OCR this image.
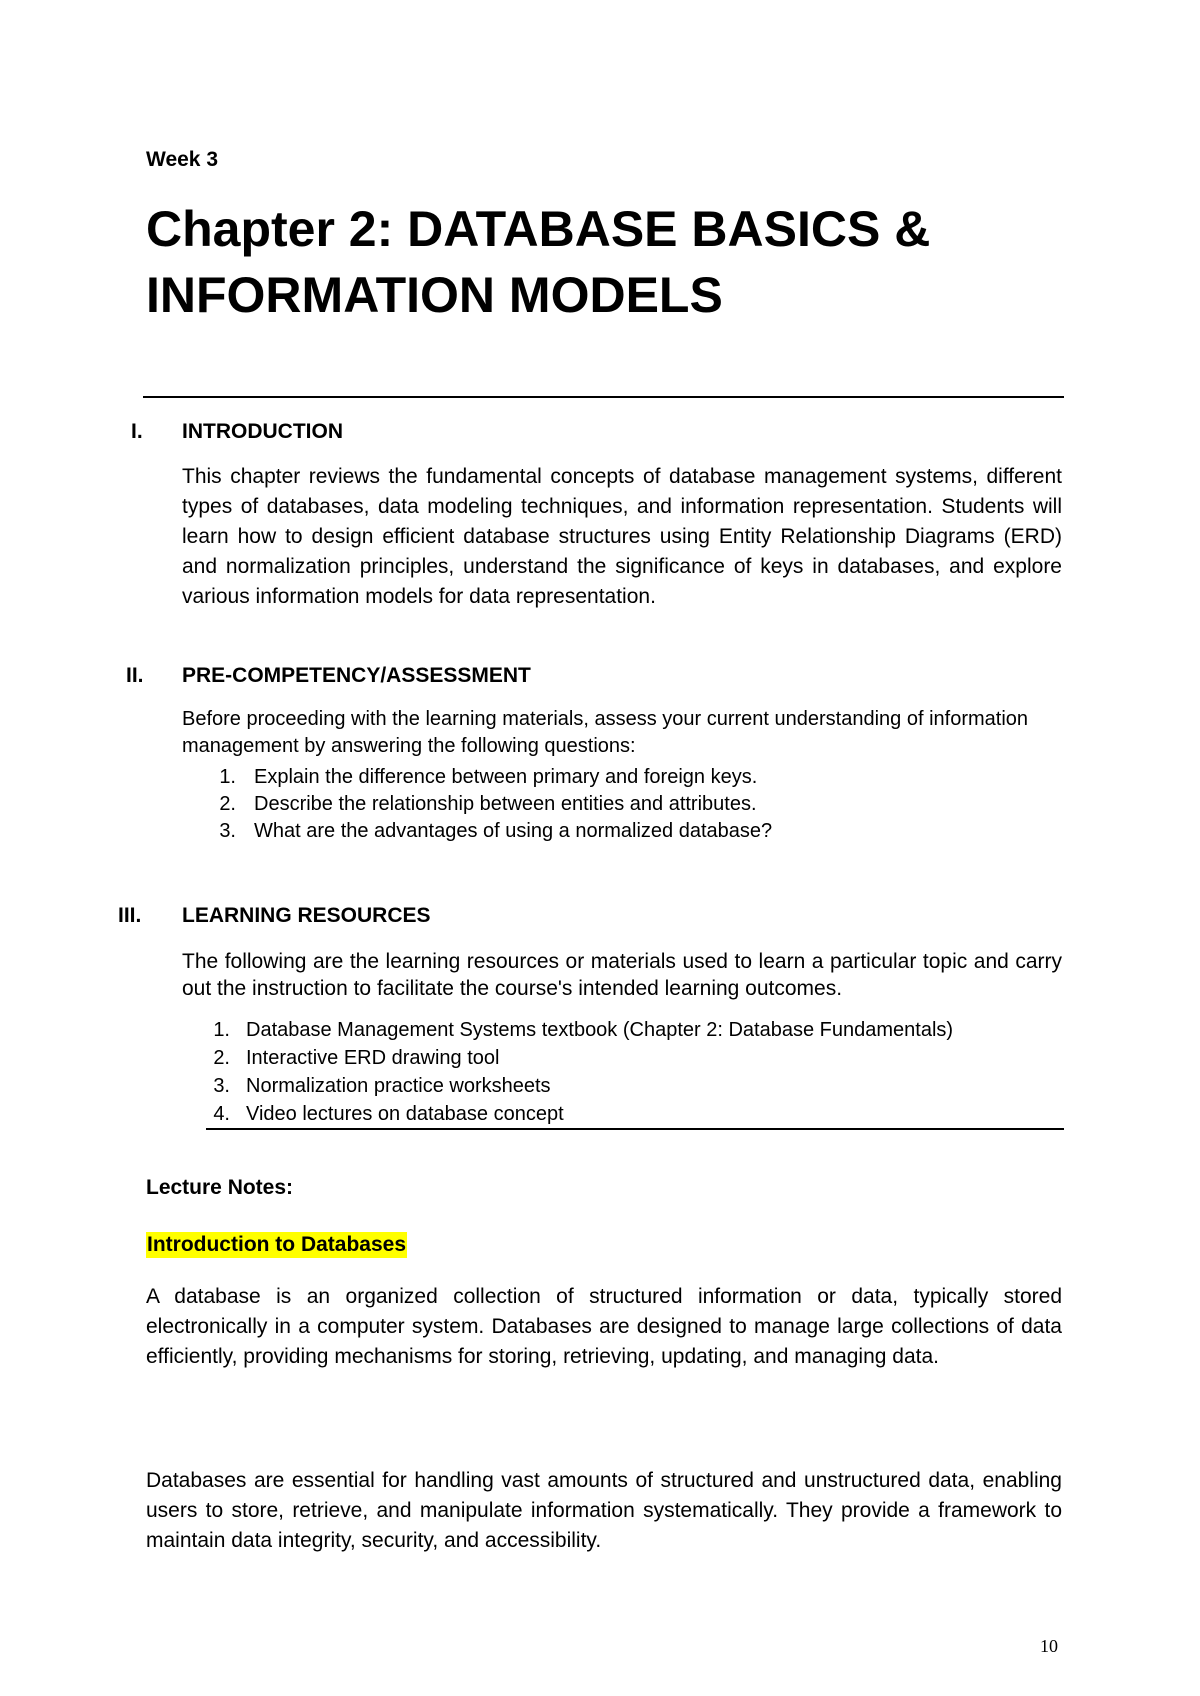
Week 3
Chapter 2: DATABASE BASICS & INFORMATION MODELS
I. INTRODUCTION
This chapter reviews the fundamental concepts of database management systems, different types of databases, data modeling techniques, and information representation. Students will learn how to design efficient database structures using Entity Relationship Diagrams (ERD) and normalization principles, understand the significance of keys in databases, and explore various information models for data representation.
II. PRE-COMPETENCY/ASSESSMENT
Before proceeding with the learning materials, assess your current understanding of information management by answering the following questions:
1. Explain the difference between primary and foreign keys.
2. Describe the relationship between entities and attributes.
3. What are the advantages of using a normalized database?
III. LEARNING RESOURCES
The following are the learning resources or materials used to learn a particular topic and carry out the instruction to facilitate the course's intended learning outcomes.
1. Database Management Systems textbook (Chapter 2: Database Fundamentals)
2. Interactive ERD drawing tool
3. Normalization practice worksheets
4. Video lectures on database concept
Lecture Notes:
Introduction to Databases
A database is an organized collection of structured information or data, typically stored electronically in a computer system. Databases are designed to manage large collections of data efficiently, providing mechanisms for storing, retrieving, updating, and managing data.
Databases are essential for handling vast amounts of structured and unstructured data, enabling users to store, retrieve, and manipulate information systematically. They provide a framework to maintain data integrity, security, and accessibility.
10
